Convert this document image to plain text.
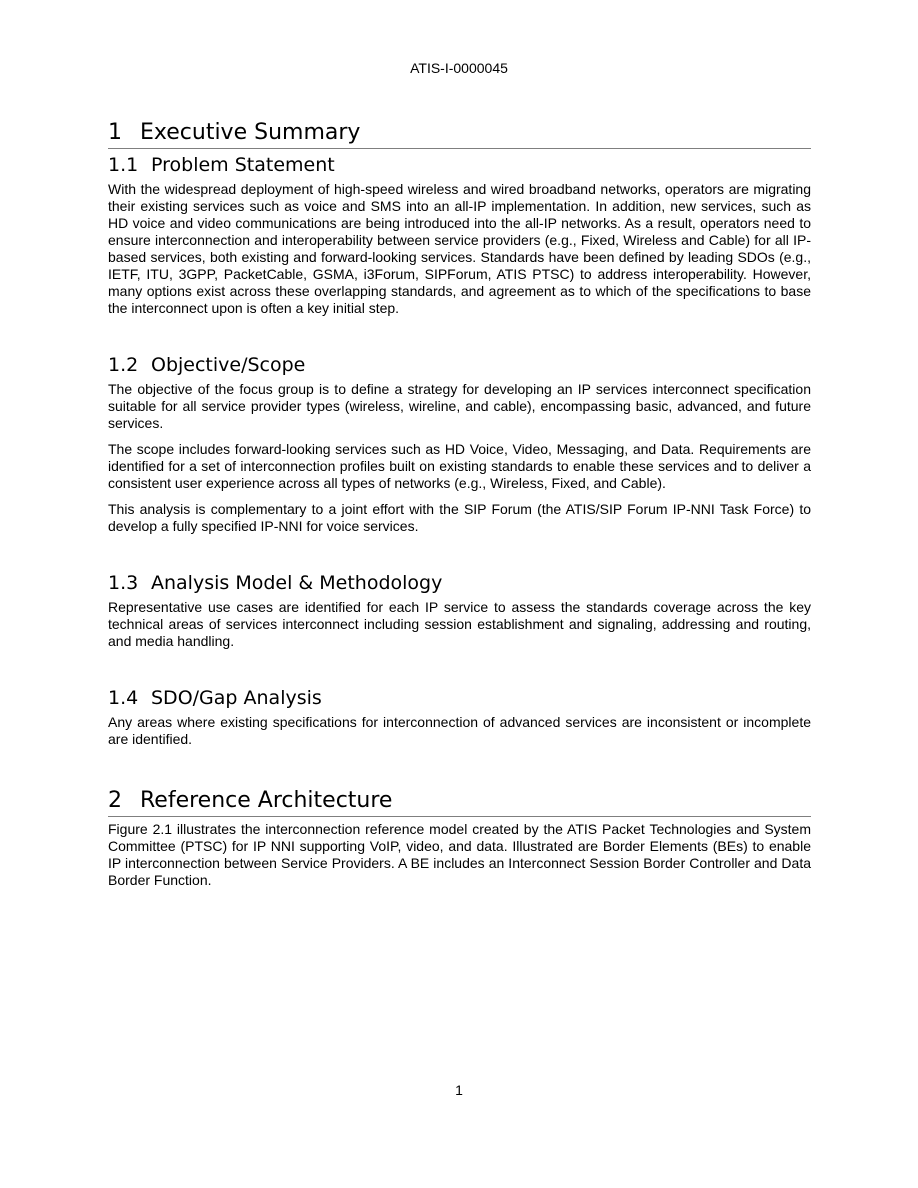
ATIS-I-0000045
1 Executive Summary
1.1 Problem Statement

With the widespread deployment of high-speed wireless and wired broadband networks, operators are migrating their existing services such as voice and SMS into an all-IP implementation. In addition, new services, such as HD voice and video communications are being introduced into the all-IP networks. As a result, operators need to ensure interconnection and interoperability between service providers (e.g., Fixed, Wireless and Cable) for all IP-based services, both existing and forward-looking services. Standards have been defined by leading SDOs (e.g., IETF, ITU, 3GPP, PacketCable, GSMA, i3Forum, SIPForum, ATIS PTSC) to address interoperability. However, many options exist across these overlapping standards, and agreement as to which of the specifications to base the interconnect upon is often a key initial step.

1.2 Objective/Scope

The objective of the focus group is to define a strategy for developing an IP services interconnect specification suitable for all service provider types (wireless, wireline, and cable), encompassing basic, advanced, and future services.

The scope includes forward-looking services such as HD Voice, Video, Messaging, and Data. Requirements are identified for a set of interconnection profiles built on existing standards to enable these services and to deliver a consistent user experience across all types of networks (e.g., Wireless, Fixed, and Cable).

This analysis is complementary to a joint effort with the SIP Forum (the ATIS/SIP Forum IP-NNI Task Force) to develop a fully specified IP-NNI for voice services.

1.3 Analysis Model & Methodology

Representative use cases are identified for each IP service to assess the standards coverage across the key technical areas of services interconnect including session establishment and signaling, addressing and routing, and media handling.

1.4 SDO/Gap Analysis

Any areas where existing specifications for interconnection of advanced services are inconsistent or incomplete are identified.

2 Reference Architecture

Figure 2.1 illustrates the interconnection reference model created by the ATIS Packet Technologies and System Committee (PTSC) for IP NNI supporting VoIP, video, and data. Illustrated are Border Elements (BEs) to enable IP interconnection between Service Providers. A BE includes an Interconnect Session Border Controller and Data Border Function.

1
